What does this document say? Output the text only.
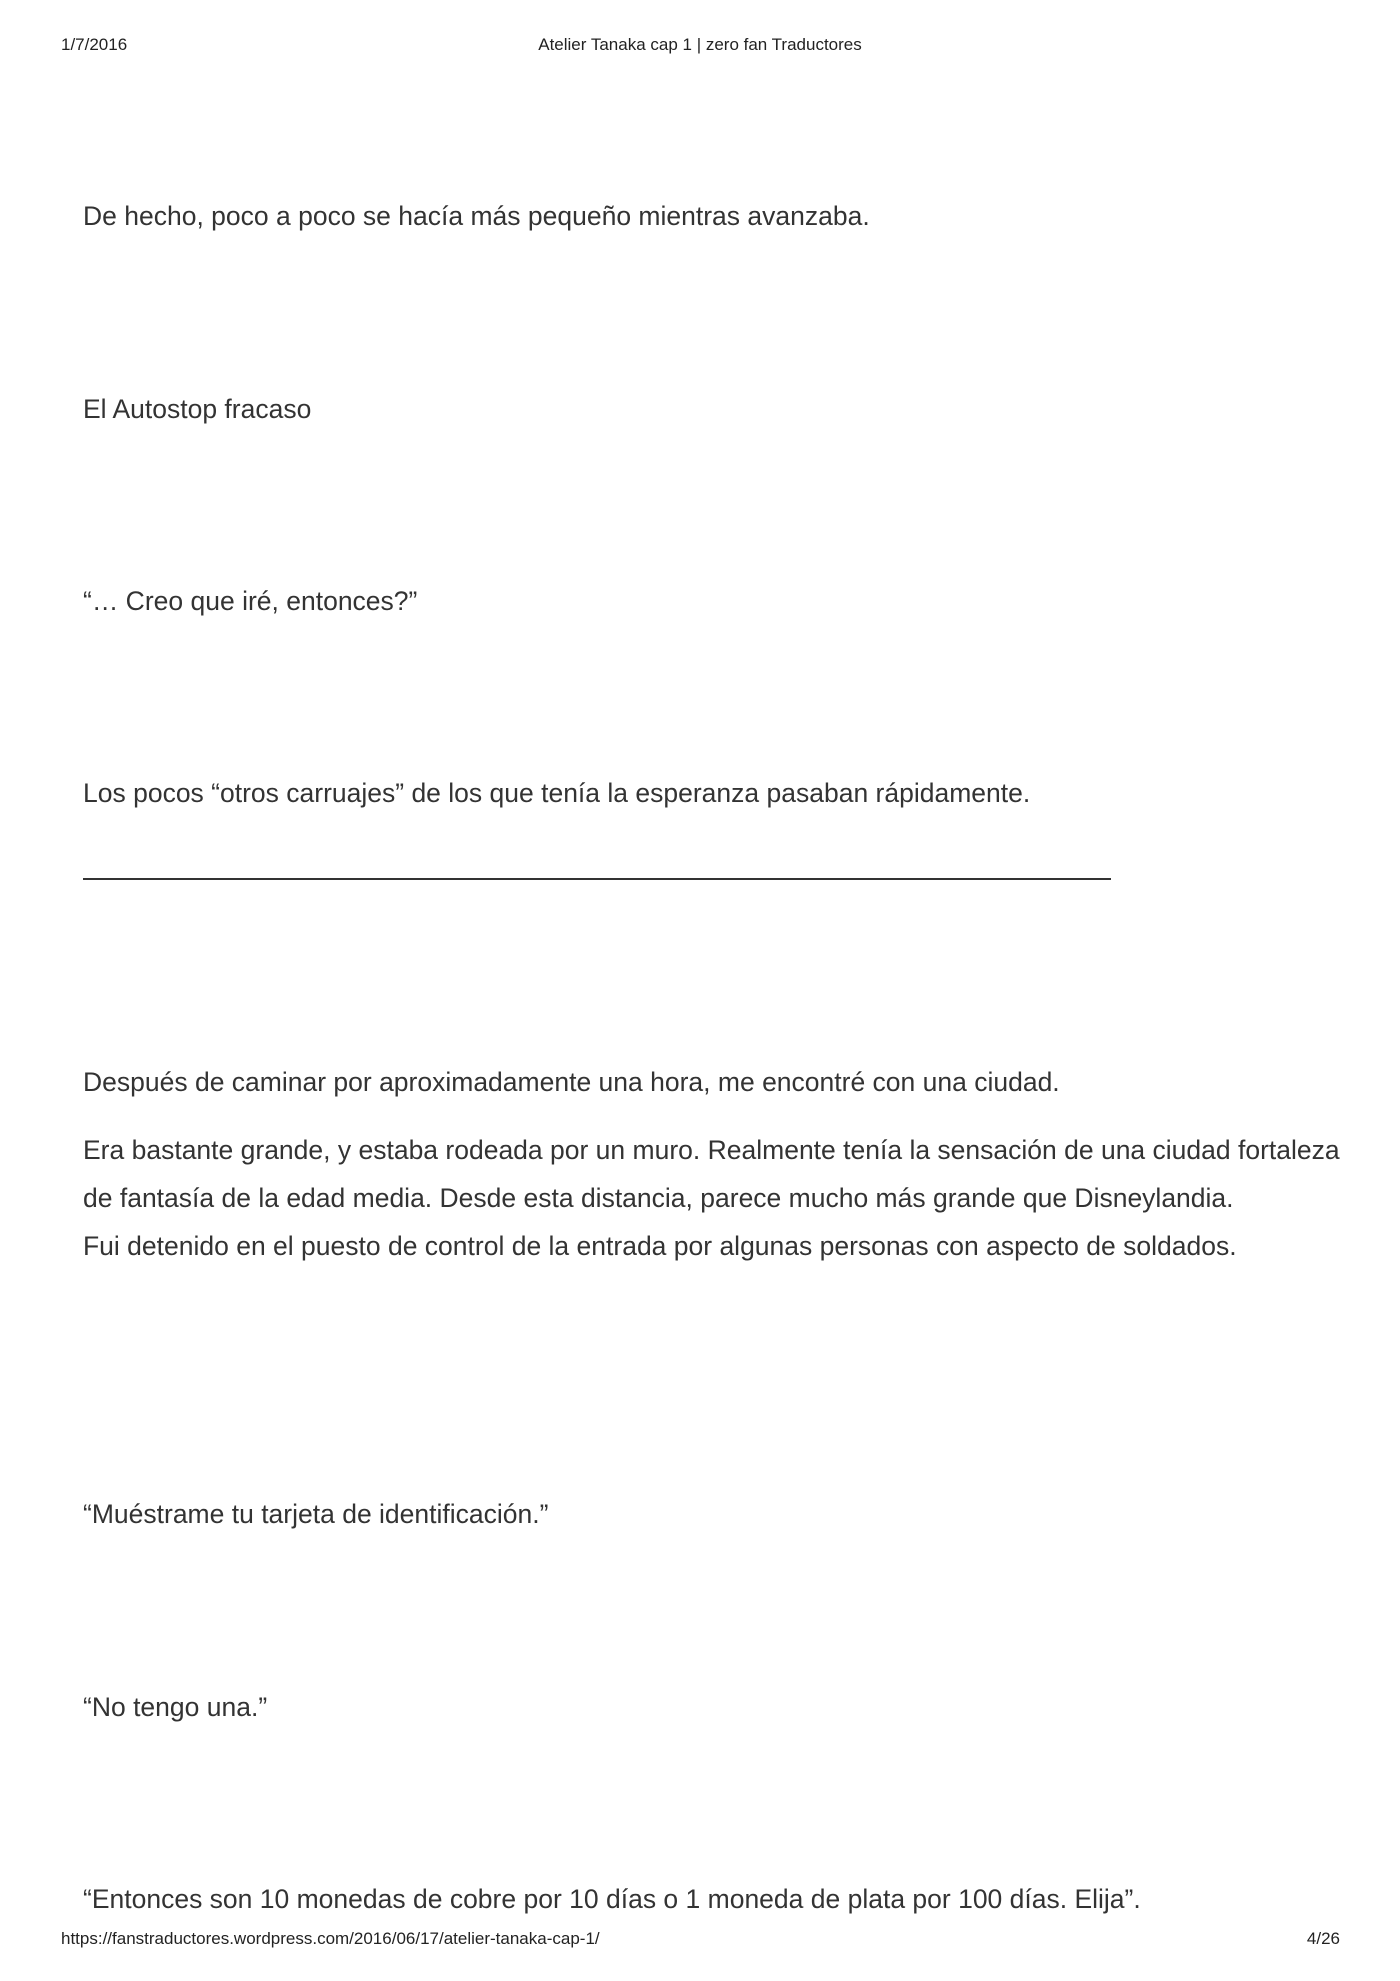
1/7/2016	Atelier Tanaka cap 1 | zero fan Traductores

De hecho, poco a poco se hacía más pequeño mientras avanzaba.

El Autostop fracaso

“… Creo que iré, entonces?”

Los pocos “otros carruajes” de los que tenía la esperanza pasaban rápidamente.

Después de caminar por aproximadamente una hora, me encontré con una ciudad.

Era bastante grande, y estaba rodeada por un muro. Realmente tenía la sensación de una ciudad fortaleza de fantasía de la edad media. Desde esta distancia, parece mucho más grande que Disneylandia.

Fui detenido en el puesto de control de la entrada por algunas personas con aspecto de soldados.

“Muéstrame tu tarjeta de identificación.”

“No tengo una.”

“Entonces son 10 monedas de cobre por 10 días o 1 moneda de plata por 100 días. Elija”.

https://fanstraductores.wordpress.com/2016/06/17/atelier-tanaka-cap-1/	4/26
